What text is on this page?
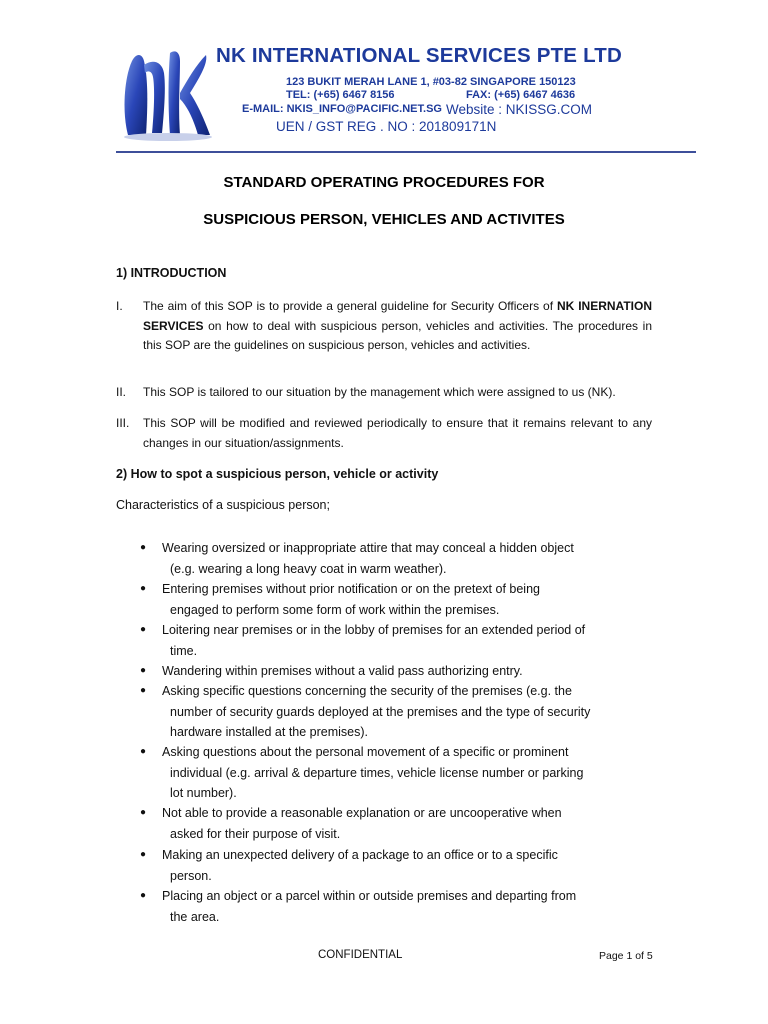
NK INTERNATIONAL SERVICES PTE LTD
123 BUKIT MERAH LANE 1, #03-82 SINGAPORE 150123
TEL: (+65) 6467 8156	FAX: (+65) 6467 4636
E-MAIL: NKIS_INFO@PACIFIC.NET.SG Website : NKISSG.COM
UEN / GST REG . NO : 201809171N
STANDARD OPERATING PROCEDURES FOR
SUSPICIOUS PERSON, VEHICLES AND ACTIVITES
1) INTRODUCTION
I. The aim of this SOP is to provide a general guideline for Security Officers of NK INERNATION SERVICES on how to deal with suspicious person, vehicles and activities. The procedures in this SOP are the guidelines on suspicious person, vehicles and activities.
II. This SOP is tailored to our situation by the management which were assigned to us (NK).
III. This SOP will be modified and reviewed periodically to ensure that it remains relevant to any changes in our situation/assignments.
2) How to spot a suspicious person, vehicle or activity
Characteristics of a suspicious person;
● Wearing oversized or inappropriate attire that may conceal a hidden object
(e.g. wearing a long heavy coat in warm weather).
● Entering premises without prior notification or on the pretext of being
engaged to perform some form of work within the premises.
● Loitering near premises or in the lobby of premises for an extended period of
time.
● Wandering within premises without a valid pass authorizing entry.
● Asking specific questions concerning the security of the premises (e.g. the
number of security guards deployed at the premises and the type of security
hardware installed at the premises).
● Asking questions about the personal movement of a specific or prominent
individual (e.g. arrival & departure times, vehicle license number or parking
lot number).
● Not able to provide a reasonable explanation or are uncooperative when
asked for their purpose of visit.
● Making an unexpected delivery of a package to an office or to a specific
person.
● Placing an object or a parcel within or outside premises and departing from
the area.
CONFIDENTIAL	Page 1 of 5
